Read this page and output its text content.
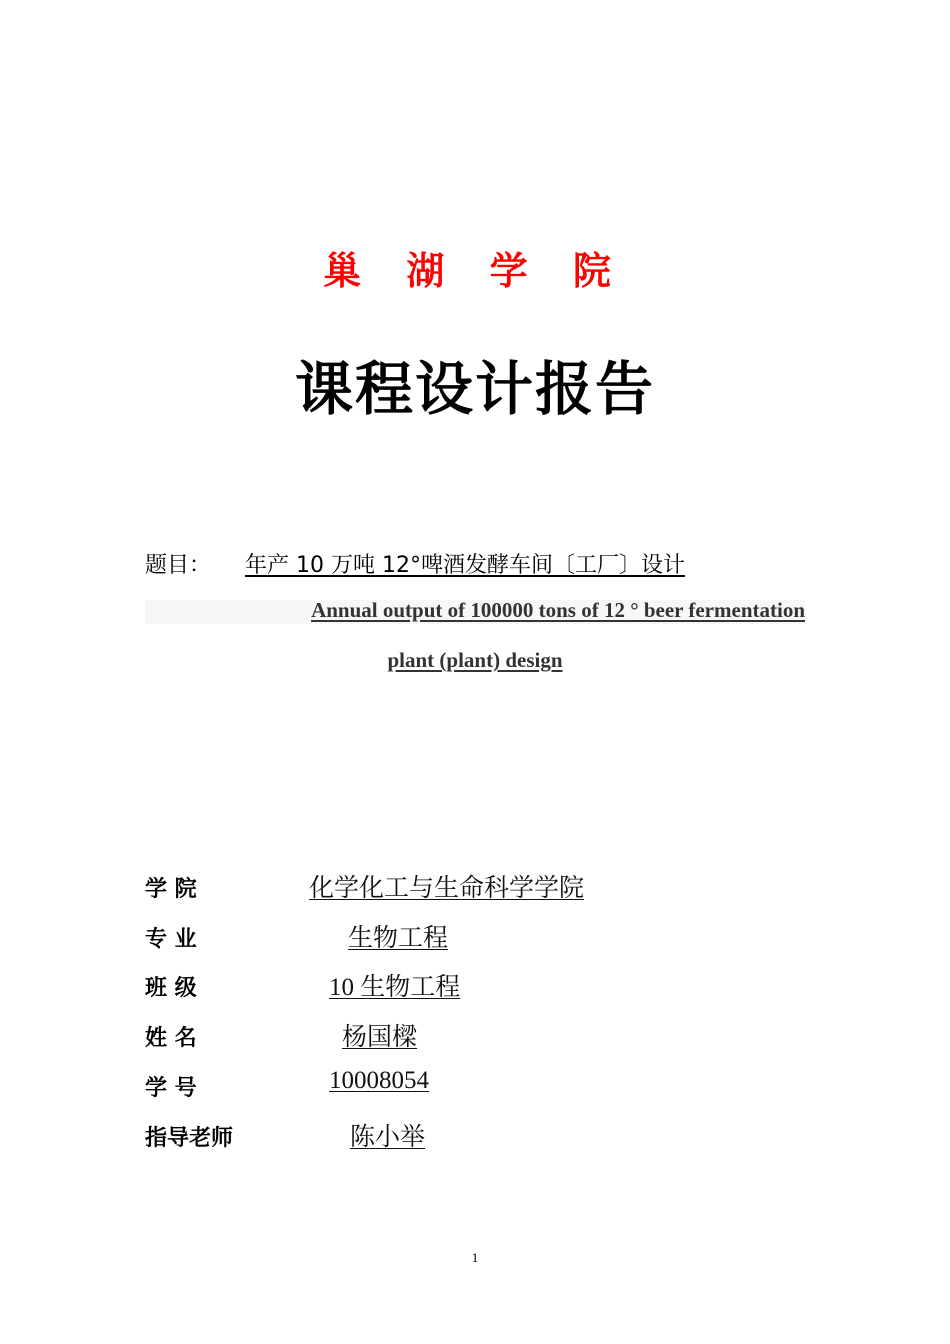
巢 湖 学 院
课程设计报告
题目： 年产 10 万吨 12°啤酒发酵车间〔工厂〕设计
Annual output of 100000 tons of 12 ° beer fermentation
plant (plant) design
学 院	化学化工与生命科学学院
专 业	生物工程
班 级	10 生物工程
姓 名	杨国樑
学 号	10008054
指导老师	陈小举
1
